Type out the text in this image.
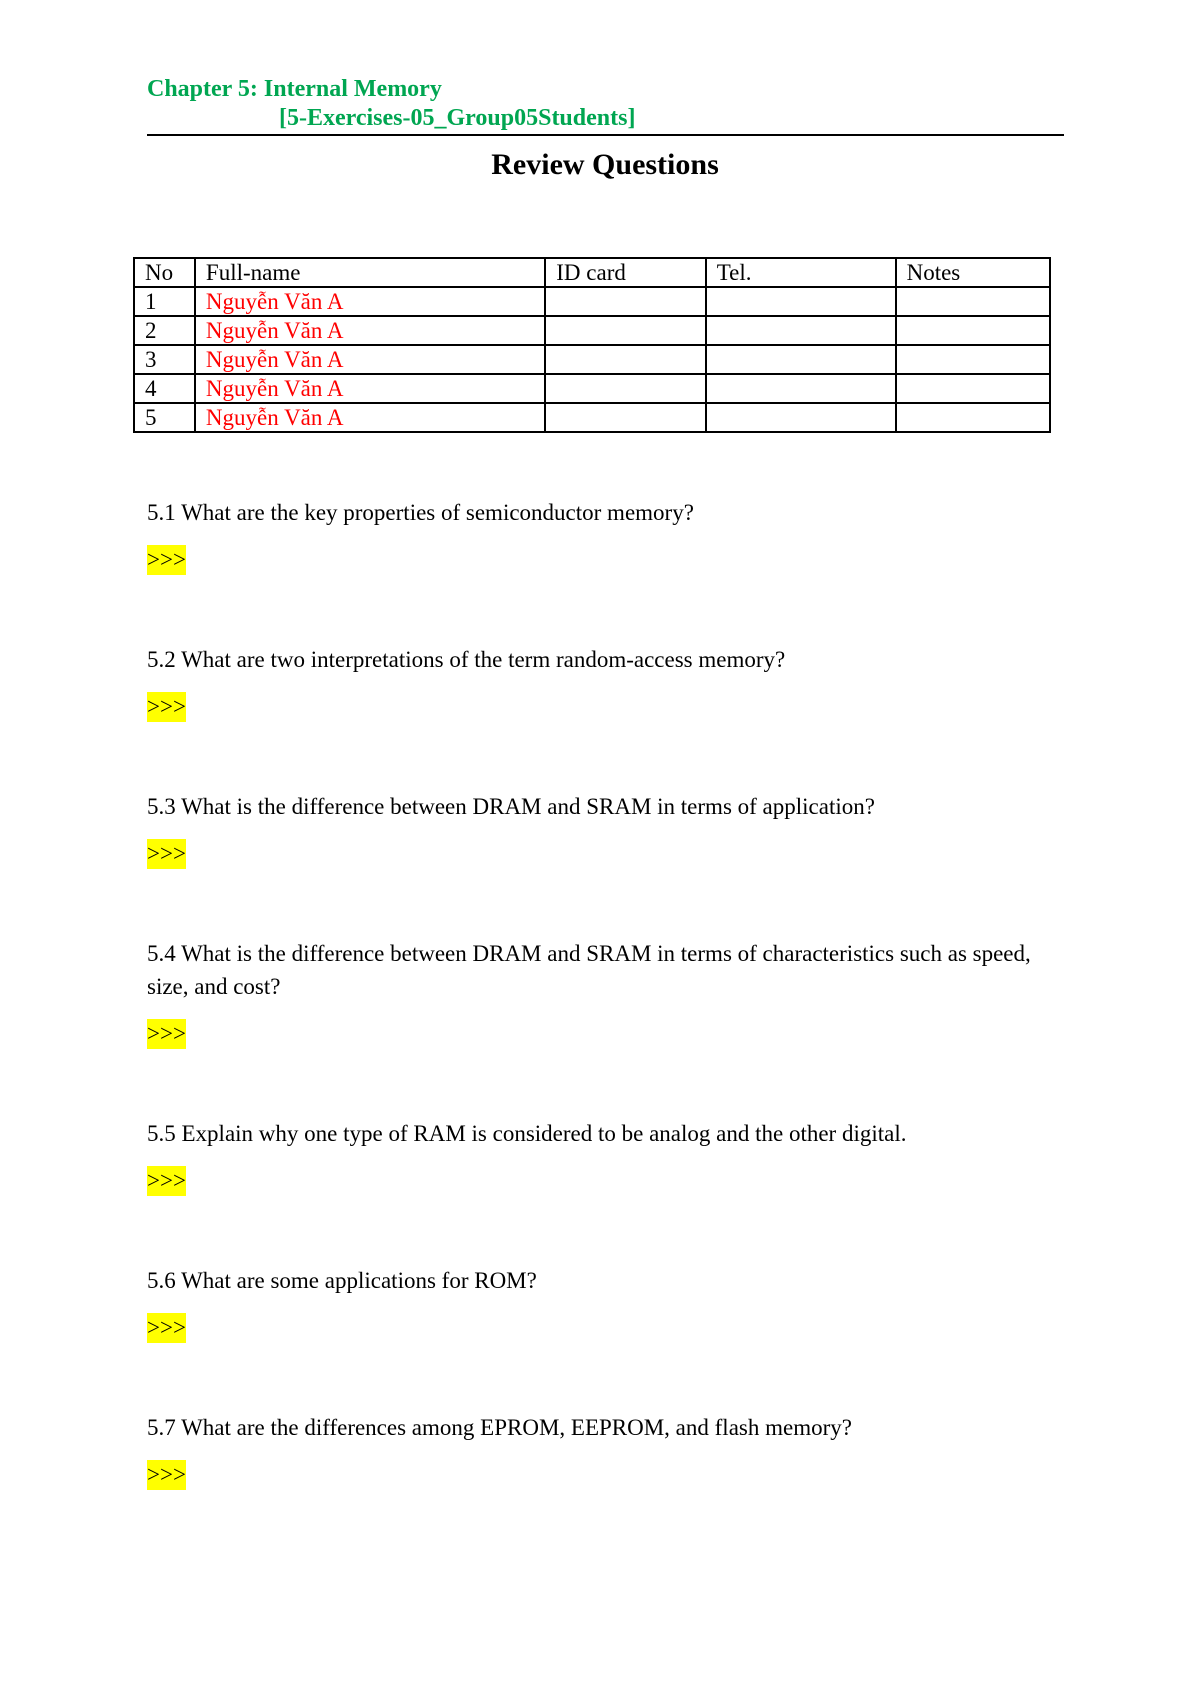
Chapter 5: Internal Memory
[5-Exercises-05_Group05Students]
Review Questions
No	Full-name	ID card	Tel.	Notes
1	Nguyễn Văn A			
2	Nguyễn Văn A			
3	Nguyễn Văn A			
4	Nguyễn Văn A			
5	Nguyễn Văn A			
5.1 What are the key properties of semiconductor memory?
>>>
5.2 What are two interpretations of the term random-access memory?
>>>
5.3 What is the difference between DRAM and SRAM in terms of application?
>>>
5.4 What is the difference between DRAM and SRAM in terms of characteristics such as speed, size, and cost?
>>>
5.5 Explain why one type of RAM is considered to be analog and the other digital.
>>>
5.6 What are some applications for ROM?
>>>
5.7 What are the differences among EPROM, EEPROM, and flash memory?
>>>
